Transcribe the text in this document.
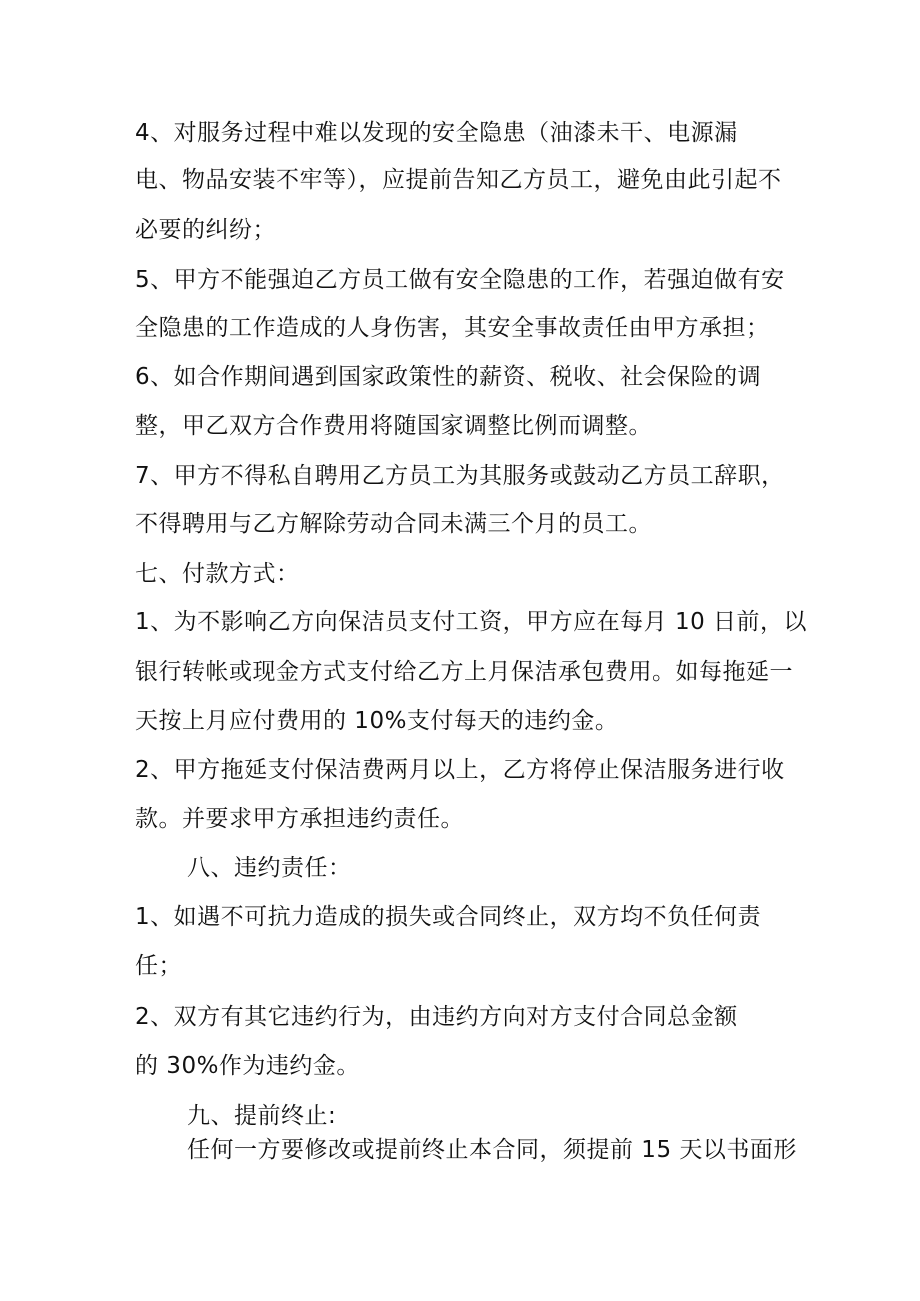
4、对服务过程中难以发现的安全隐患（油漆未干、电源漏
电、物品安装不牢等），应提前告知乙方员工，避免由此引起不
必要的纠纷；
5、甲方不能强迫乙方员工做有安全隐患的工作，若强迫做有安
全隐患的工作造成的人身伤害，其安全事故责任由甲方承担；
6、如合作期间遇到国家政策性的薪资、税收、社会保险的调
整，甲乙双方合作费用将随国家调整比例而调整。
7、甲方不得私自聘用乙方员工为其服务或鼓动乙方员工辞职，
不得聘用与乙方解除劳动合同未满三个月的员工。
七、付款方式：
1、为不影响乙方向保洁员支付工资，甲方应在每月 10 日前，以
银行转帐或现金方式支付给乙方上月保洁承包费用。如每拖延一
天按上月应付费用的 10%支付每天的违约金。
2、甲方拖延支付保洁费两月以上，乙方将停止保洁服务进行收
款。并要求甲方承担违约责任。
八、违约责任：
1、如遇不可抗力造成的损失或合同终止，双方均不负任何责
任；
2、双方有其它违约行为，由违约方向对方支付合同总金额
的 30%作为违约金。
九、提前终止:
任何一方要修改或提前终止本合同，须提前 15 天以书面形
